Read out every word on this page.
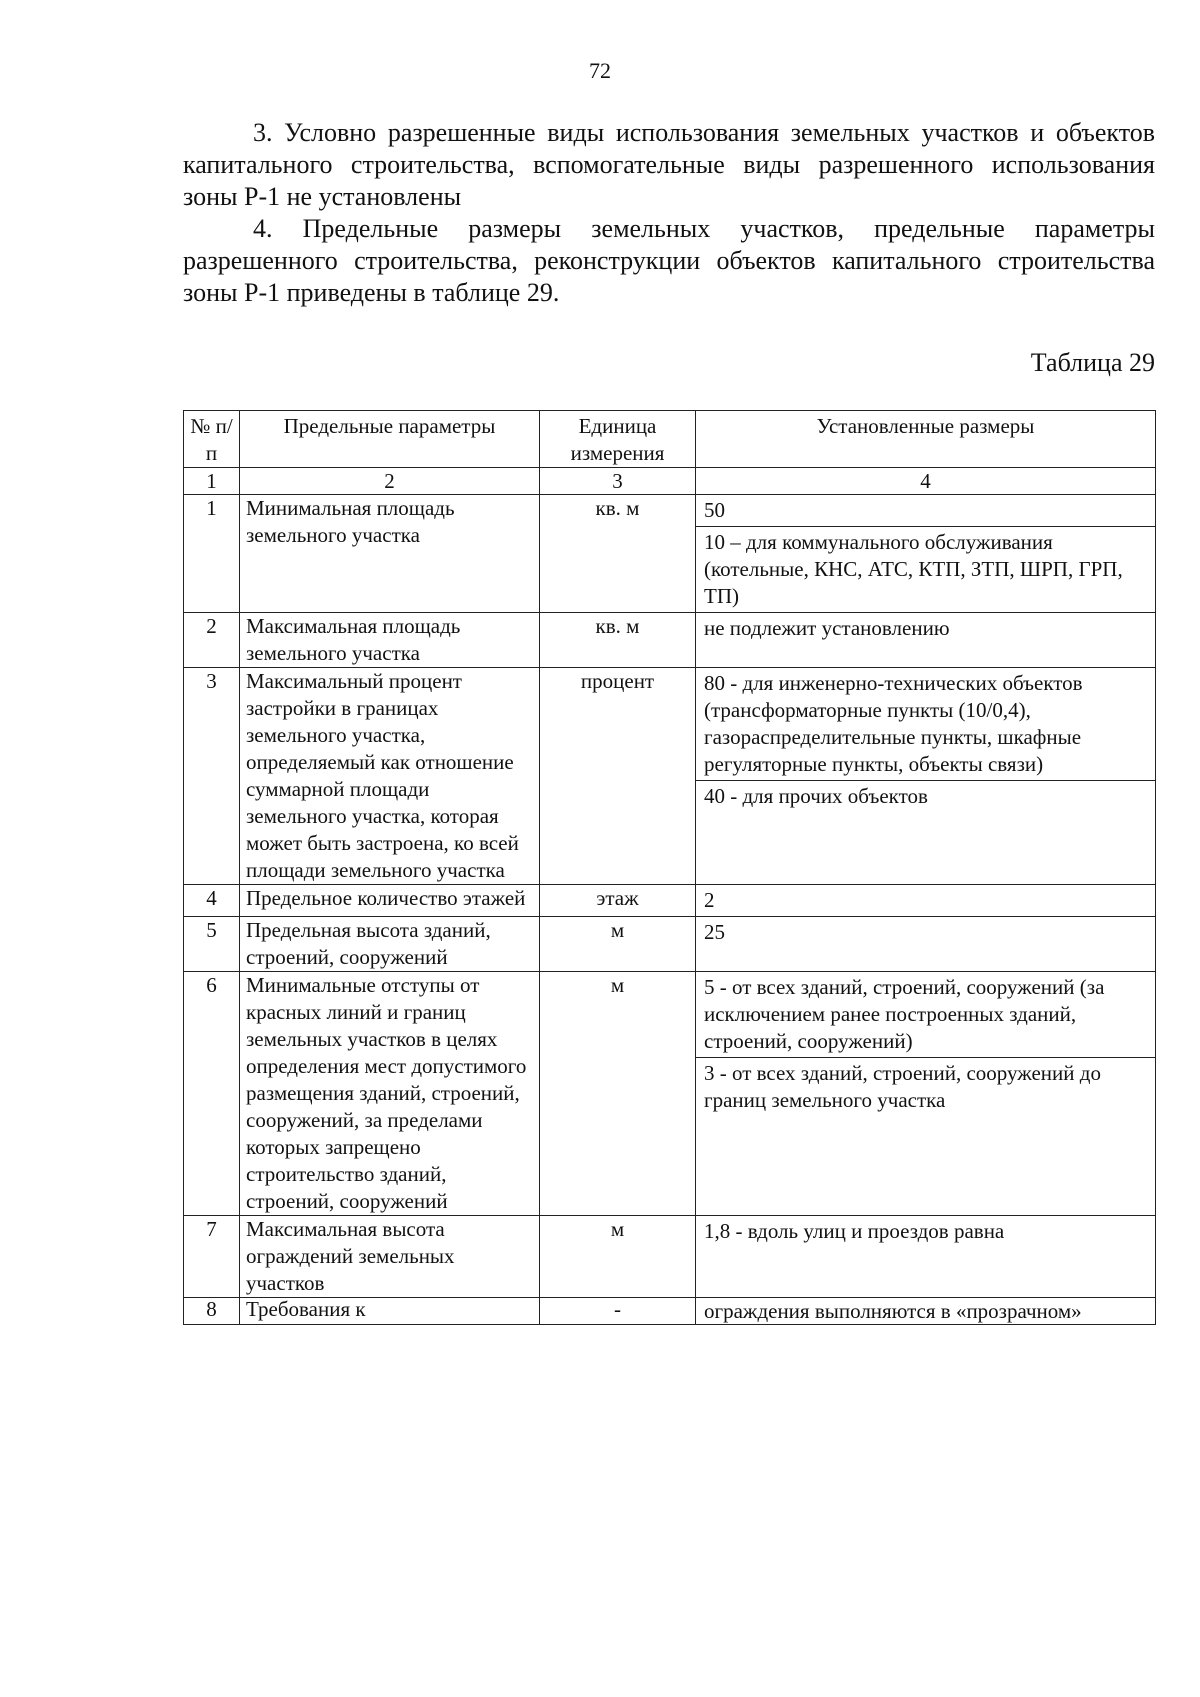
72

3. Условно разрешенные виды использования земельных участков и объектов капитального строительства, вспомогательные виды разрешенного использования зоны Р-1 не установлены

4. Предельные размеры земельных участков, предельные параметры разрешенного строительства, реконструкции объектов капитального строительства зоны Р-1 приведены в таблице 29.

Таблица 29
№ п/п	Предельные параметры	Единица измерения	Установленные размеры
1	2	3	4
1	Минимальная площадь земельного участка	кв. м	50
10 – для коммунального обслуживания (котельные, КНС, АТС, КТП, ЗТП, ШРП, ГРП, ТП)

2	Максимальная площадь земельного участка	кв. м	не подлежит установлению

3	Максимальный процент застройки в границах земельного участка, определяемый как отношение суммарной площади земельного участка, которая может быть застроена, ко всей площади земельного участка	процент	80 - для инженерно-технических объектов (трансформаторные пункты (10/0,4), газораспределительные пункты, шкафные регуляторные пункты, объекты связи)
40 - для прочих объектов

4	Предельное количество этажей	этаж	2

5	Предельная высота зданий, строений, сооружений	м	25

6	Минимальные отступы от красных линий и границ земельных участков в целях определения мест допустимого размещения зданий, строений, сооружений, за пределами которых запрещено строительство зданий, строений, сооружений	м	5 - от всех зданий, строений, сооружений (за исключением ранее построенных зданий, строений, сооружений)
3 - от всех зданий, строений, сооружений до границ земельного участка

7	Максимальная высота ограждений земельных участков	м	1,8 - вдоль улиц и проездов равна

8	Требования к	-	ограждения выполняются в «прозрачном»
